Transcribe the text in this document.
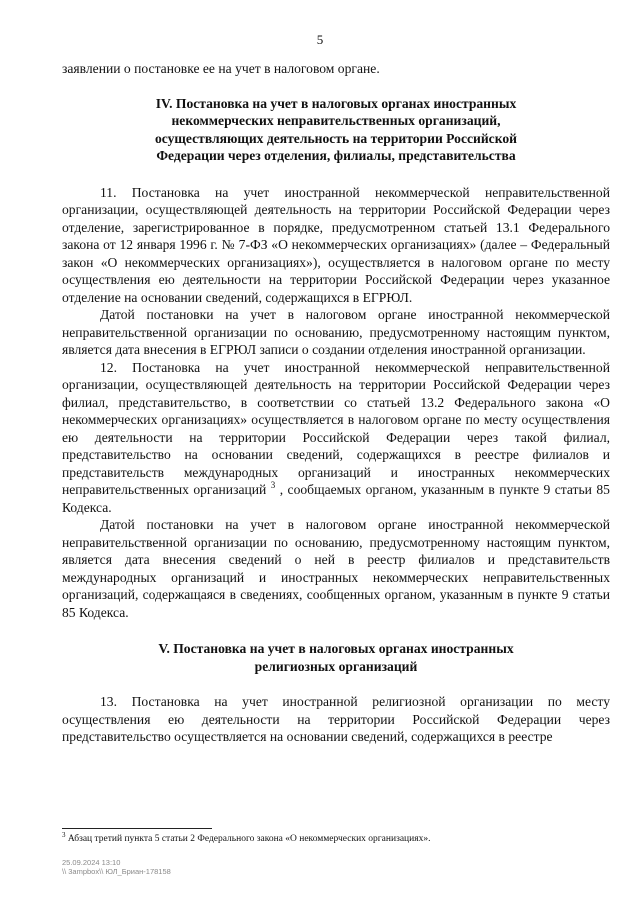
5

заявлении о постановке ее на учет в налоговом органе.

IV. Постановка на учет в налоговых органах иностранных
некоммерческих неправительственных организаций,
осуществляющих деятельность на территории Российской
Федерации через отделения, филиалы, представительства

11. Постановка на учет иностранной некоммерческой неправительственной организации, осуществляющей деятельность на территории Российской Федерации через отделение, зарегистрированное в порядке, предусмотренном статьей 13.1 Федерального закона от 12 января 1996 г. № 7-ФЗ «О некоммерческих организациях» (далее – Федеральный закон «О некоммерческих организациях»), осуществляется в налоговом органе по месту осуществления ею деятельности на территории Российской Федерации через указанное отделение на основании сведений, содержащихся в ЕГРЮЛ.

Датой постановки на учет в налоговом органе иностранной некоммерческой неправительственной организации по основанию, предусмотренному настоящим пунктом, является дата внесения в ЕГРЮЛ записи о создании отделения иностранной организации.

12. Постановка на учет иностранной некоммерческой неправительственной организации, осуществляющей деятельность на территории Российской Федерации через филиал, представительство, в соответствии со статьей 13.2 Федерального закона «О некоммерческих организациях» осуществляется в налоговом органе по месту осуществления ею деятельности на территории Российской Федерации через такой филиал, представительство на основании сведений, содержащихся в реестре филиалов и представительств международных организаций и иностранных некоммерческих неправительственных организаций $^3$ , сообщаемых органом, указанным в пункте 9 статьи 85 Кодекса.

Датой постановки на учет в налоговом органе иностранной некоммерческой неправительственной организации по основанию, предусмотренному настоящим пунктом, является дата внесения сведений о ней в реестр филиалов и представительств международных организаций и иностранных некоммерческих неправительственных организаций, содержащаяся в сведениях, сообщенных органом, указанным в пункте 9 статьи 85 Кодекса.

V. Постановка на учет в налоговых органах иностранных
религиозных организаций

13. Постановка на учет иностранной религиозной организации по месту осуществления ею деятельности на территории Российской Федерации через представительство осуществляется на основании сведений, содержащихся в реестре

$^3$ Абзац третий пункта 5 статьи 2 Федерального закона «О некоммерческих организациях».
25.09.2024 13:10
\\ 3ampbox\\ ЮЛ_Бриан-178158
